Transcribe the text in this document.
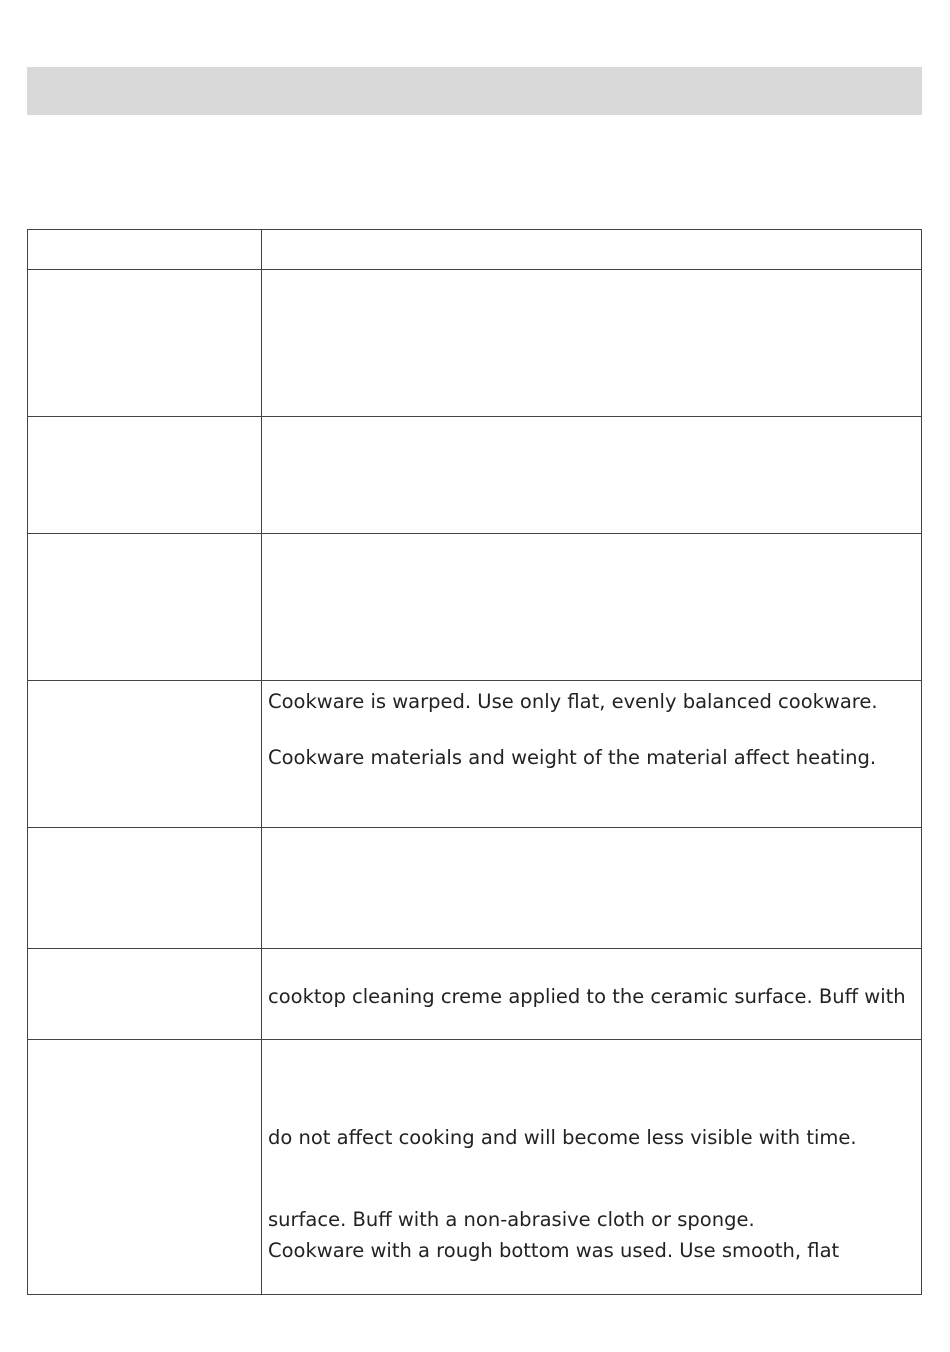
Cookware is warped. Use only flat, evenly balanced cookware.
Cookware materials and weight of the material affect heating.
cooktop cleaning creme applied to the ceramic surface. Buff with
do not affect cooking and will become less visible with time.
surface. Buff with a non-abrasive cloth or sponge.
Cookware with a rough bottom was used. Use smooth, flat
